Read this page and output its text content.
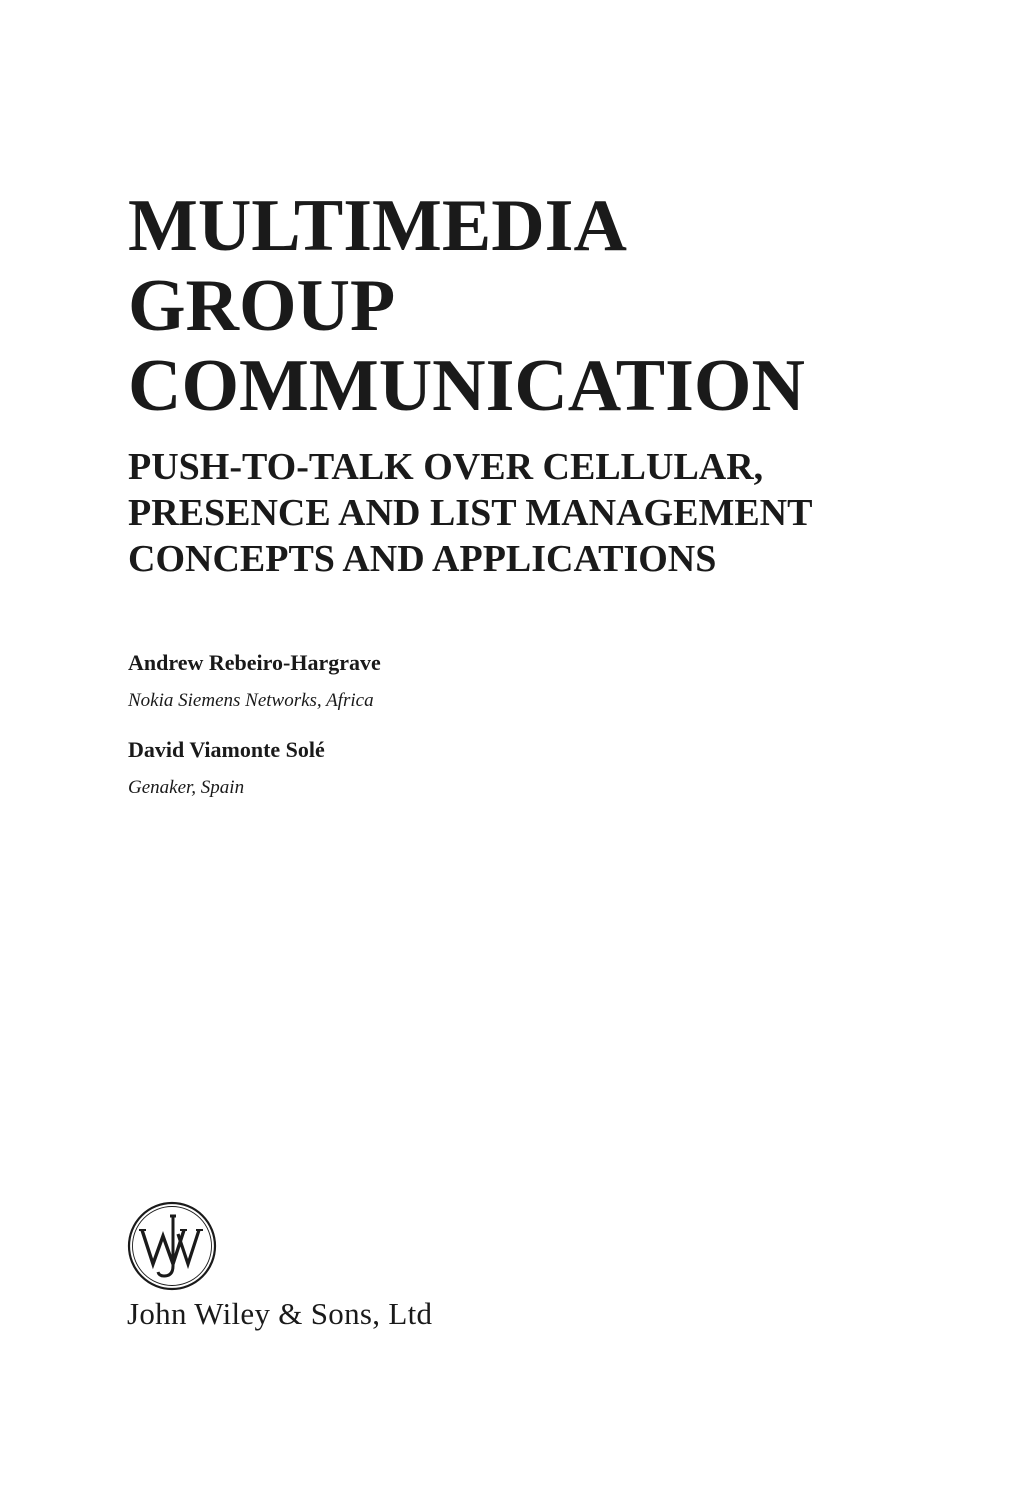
MULTIMEDIA
GROUP
COMMUNICATION
PUSH-TO-TALK OVER CELLULAR,
PRESENCE AND LIST MANAGEMENT
CONCEPTS AND APPLICATIONS
Andrew Rebeiro-Hargrave
Nokia Siemens Networks, Africa
David Viamonte Solé
Genaker, Spain
John Wiley & Sons, Ltd
